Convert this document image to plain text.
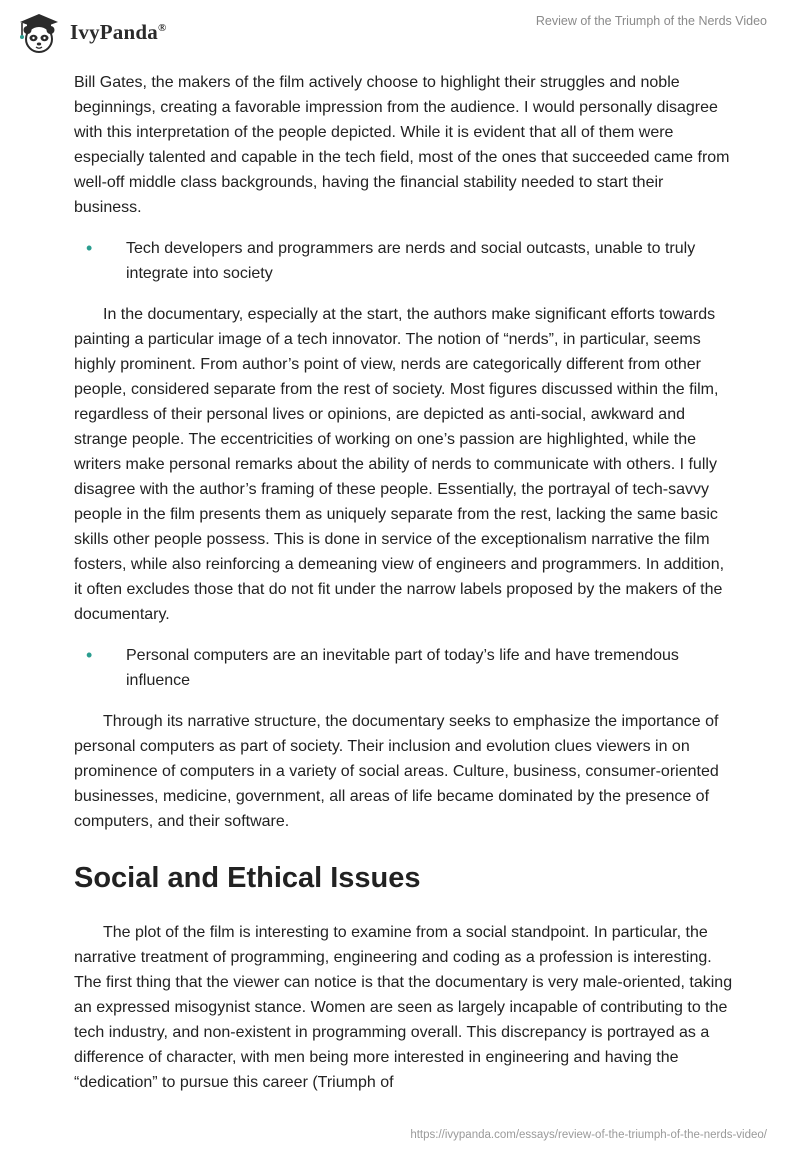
IvyPanda®	Review of the Triumph of the Nerds Video

Bill Gates, the makers of the film actively choose to highlight their struggles and noble beginnings, creating a favorable impression from the audience. I would personally disagree with this interpretation of the people depicted. While it is evident that all of them were especially talented and capable in the tech field, most of the ones that succeeded came from well-off middle class backgrounds, having the financial stability needed to start their business.

• Tech developers and programmers are nerds and social outcasts, unable to truly integrate into society

In the documentary, especially at the start, the authors make significant efforts towards painting a particular image of a tech innovator. The notion of “nerds”, in particular, seems highly prominent. From author’s point of view, nerds are categorically different from other people, considered separate from the rest of society. Most figures discussed within the film, regardless of their personal lives or opinions, are depicted as anti-social, awkward and strange people. The eccentricities of working on one’s passion are highlighted, while the writers make personal remarks about the ability of nerds to communicate with others. I fully disagree with the author’s framing of these people. Essentially, the portrayal of tech-savvy people in the film presents them as uniquely separate from the rest, lacking the same basic skills other people possess. This is done in service of the exceptionalism narrative the film fosters, while also reinforcing a demeaning view of engineers and programmers. In addition, it often excludes those that do not fit under the narrow labels proposed by the makers of the documentary.

• Personal computers are an inevitable part of today’s life and have tremendous influence

Through its narrative structure, the documentary seeks to emphasize the importance of personal computers as part of society. Their inclusion and evolution clues viewers in on prominence of computers in a variety of social areas. Culture, business, consumer-oriented businesses, medicine, government, all areas of life became dominated by the presence of computers, and their software.

Social and Ethical Issues

The plot of the film is interesting to examine from a social standpoint. In particular, the narrative treatment of programming, engineering and coding as a profession is interesting. The first thing that the viewer can notice is that the documentary is very male-oriented, taking an expressed misogynist stance. Women are seen as largely incapable of contributing to the tech industry, and non-existent in programming overall. This discrepancy is portrayed as a difference of character, with men being more interested in engineering and having the “dedication” to pursue this career (Triumph of

https://ivypanda.com/essays/review-of-the-triumph-of-the-nerds-video/
